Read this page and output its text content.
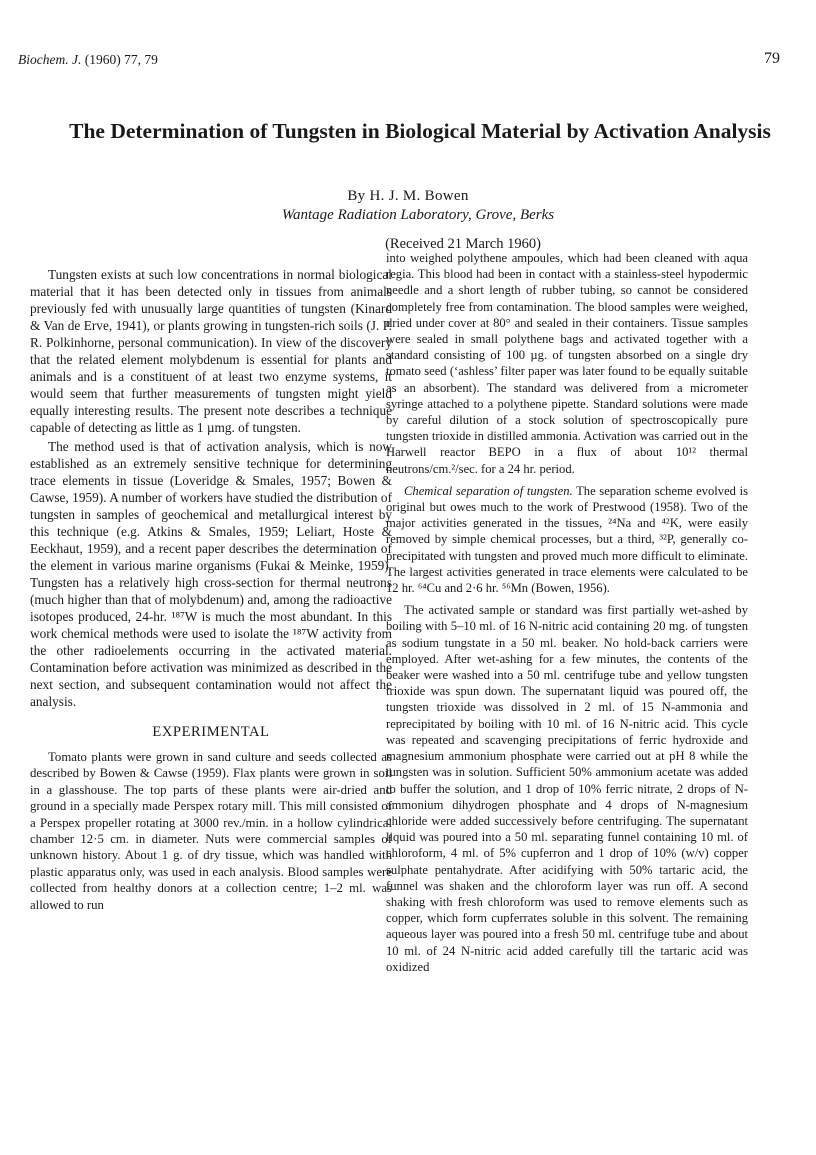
Biochem. J. (1960) 77, 79	79
The Determination of Tungsten in Biological Material by Activation Analysis
By H. J. M. Bowen
Wantage Radiation Laboratory, Grove, Berks
(Received 21 March 1960)

Tungsten exists at such low concentrations in normal biological material that it has been detected only in tissues from animals previously fed with unusually large quantities of tungsten (Kinard & Van de Erve, 1941), or plants growing in tungsten-rich soils (J. P. R. Polkinhorne, personal communication). In view of the discovery that the related element molybdenum is essential for plants and animals and is a constituent of at least two enzyme systems, it would seem that further measurements of tungsten might yield equally interesting results. The present note describes a technique capable of detecting as little as 1 µmg. of tungsten.

The method used is that of activation analysis, which is now established as an extremely sensitive technique for determining trace elements in tissue (Loveridge & Smales, 1957; Bowen & Cawse, 1959). A number of workers have studied the distribution of tungsten in samples of geochemical and metallurgical interest by this technique (e.g. Atkins & Smales, 1959; Leliart, Hoste & Eeckhaut, 1959), and a recent paper describes the determination of the element in various marine organisms (Fukai & Meinke, 1959). Tungsten has a relatively high cross-section for thermal neutrons (much higher than that of molybdenum) and, among the radioactive isotopes produced, 24-hr. ¹⁸⁷W is much the most abundant. In this work chemical methods were used to isolate the ¹⁸⁷W activity from the other radioelements occurring in the activated material. Contamination before activation was minimized as described in the next section, and subsequent contamination would not affect the analysis.

EXPERIMENTAL

Tomato plants were grown in sand culture and seeds collected as described by Bowen & Cawse (1959). Flax plants were grown in soil in a glasshouse. The top parts of these plants were air-dried and ground in a specially made Perspex rotary mill. This mill consisted of a Perspex propeller rotating at 3000 rev./min. in a hollow cylindrical chamber 12·5 cm. in diameter. Nuts were commercial samples of unknown history. About 1 g. of dry tissue, which was handled with plastic apparatus only, was used in each analysis. Blood samples were collected from healthy donors at a collection centre; 1–2 ml. was allowed to run

into weighed polythene ampoules, which had been cleaned with aqua regia. This blood had been in contact with a stainless-steel hypodermic needle and a short length of rubber tubing, so cannot be considered completely free from contamination. The blood samples were weighed, dried under cover at 80° and sealed in their containers. Tissue samples were sealed in small polythene bags and activated together with a standard consisting of 100 µg. of tungsten absorbed on a single dry tomato seed (‘ashless’ filter paper was later found to be equally suitable as an absorbent). The standard was delivered from a micrometer syringe attached to a polythene pipette. Standard solutions were made by careful dilution of a stock solution of spectroscopically pure tungsten trioxide in distilled ammonia. Activation was carried out in the Harwell reactor BEPO in a flux of about 10¹² thermal neutrons/cm.²/sec. for a 24 hr. period.

Chemical separation of tungsten. The separation scheme evolved is original but owes much to the work of Prestwood (1958). Two of the major activities generated in the tissues, ²⁴Na and ⁴²K, were easily removed by simple chemical processes, but a third, ³²P, generally co-precipitated with tungsten and proved much more difficult to eliminate. The largest activities generated in trace elements were calculated to be 12 hr. ⁶⁴Cu and 2·6 hr. ⁵⁶Mn (Bowen, 1956).

The activated sample or standard was first partially wet-ashed by boiling with 5–10 ml. of 16 N-nitric acid containing 20 mg. of tungsten as sodium tungstate in a 50 ml. beaker. No hold-back carriers were employed. After wet-ashing for a few minutes, the contents of the beaker were washed into a 50 ml. centrifuge tube and yellow tungsten trioxide was spun down. The supernatant liquid was poured off, the tungsten trioxide was dissolved in 2 ml. of 15 N-ammonia and reprecipitated by boiling with 10 ml. of 16 N-nitric acid. This cycle was repeated and scavenging precipitations of ferric hydroxide and magnesium ammonium phosphate were carried out at pH 8 while the tungsten was in solution. Sufficient 50% ammonium acetate was added to buffer the solution, and 1 drop of 10% ferric nitrate, 2 drops of N-ammonium dihydrogen phosphate and 4 drops of N-magnesium chloride were added successively before centrifuging. The supernatant liquid was poured into a 50 ml. separating funnel containing 10 ml. of chloroform, 4 ml. of 5% cupferron and 1 drop of 10% (w/v) copper sulphate pentahydrate. After acidifying with 50% tartaric acid, the funnel was shaken and the chloroform layer was run off. A second shaking with fresh chloroform was used to remove elements such as copper, which form cupferrates soluble in this solvent. The remaining aqueous layer was poured into a fresh 50 ml. centrifuge tube and about 10 ml. of 24 N-nitric acid added carefully till the tartaric acid was oxidized
